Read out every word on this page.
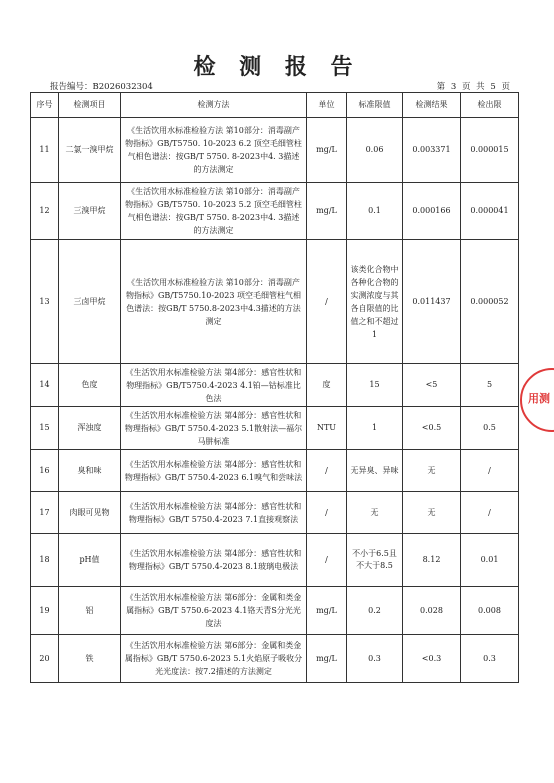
检 测 报 告
报告编号：B2026032304	第 3 页 共 5 页
序号	检测项目	检测方法	单位	标准限值	检测结果	检出限
11	二氯一溴甲烷	《生活饮用水标准检验方法 第10部分：消毒副产物指标》GB/T5750. 10-2023 6.2 顶空毛细管柱气相色谱法：按GB/T 5750. 8-2023中4. 3描述的方法测定	mg/L	0.06	0.003371	0.000015
12	三溴甲烷	《生活饮用水标准检验方法 第10部分：消毒副产物指标》GB/T5750. 10-2023 5.2 顶空毛细管柱气相色谱法：按GB/T 5750. 8-2023中4. 3描述的方法测定	mg/L	0.1	0.000166	0.000041
13	三卤甲烷	《生活饮用水标准检验方法 第10部分：消毒副产物指标》GB/T5750.10-2023 项空毛细管柱气相色谱法：按GB/T 5750.8-2023中4.3描述的方法测定	/	该类化合物中各种化合物的实测浓度与其各自限值的比值之和不超过1	0.011437	0.000052
14	色度	《生活饮用水标准检验方法 第4部分：感官性状和物理指标》GB/T5750.4-2023 4.1铂—钴标准比色法	度	15	<5	5
15	浑浊度	《生活饮用水标准检验方法 第4部分：感官性状和物理指标》GB/T 5750.4-2023 5.1散射法—福尔马肼标准	NTU	1	<0.5	0.5
16	臭和味	《生活饮用水标准检验方法 第4部分：感官性状和物理指标》GB/T 5750.4-2023 6.1嗅气和尝味法	/	无异臭、异味	无	/
17	肉眼可见物	《生活饮用水标准检验方法 第4部分：感官性状和物理指标》GB/T 5750.4-2023 7.1直接观察法	/	无	无	/
18	pH值	《生活饮用水标准检验方法 第4部分：感官性状和物理指标》GB/T 5750.4-2023 8.1玻璃电极法	/	不小于6.5且不大于8.5	8.12	0.01
19	铝	《生活饮用水标准检验方法 第6部分：金属和类金属指标》GB/T 5750.6-2023 4.1铬天青S分光光度法	mg/L	0.2	0.028	0.008
20	铁	《生活饮用水标准检验方法 第6部分：金属和类金属指标》GB/T 5750.6-2023 5.1火焰原子吸收分光光度法：按7.2描述的方法测定	mg/L	0.3	<0.3	0.3
用测
